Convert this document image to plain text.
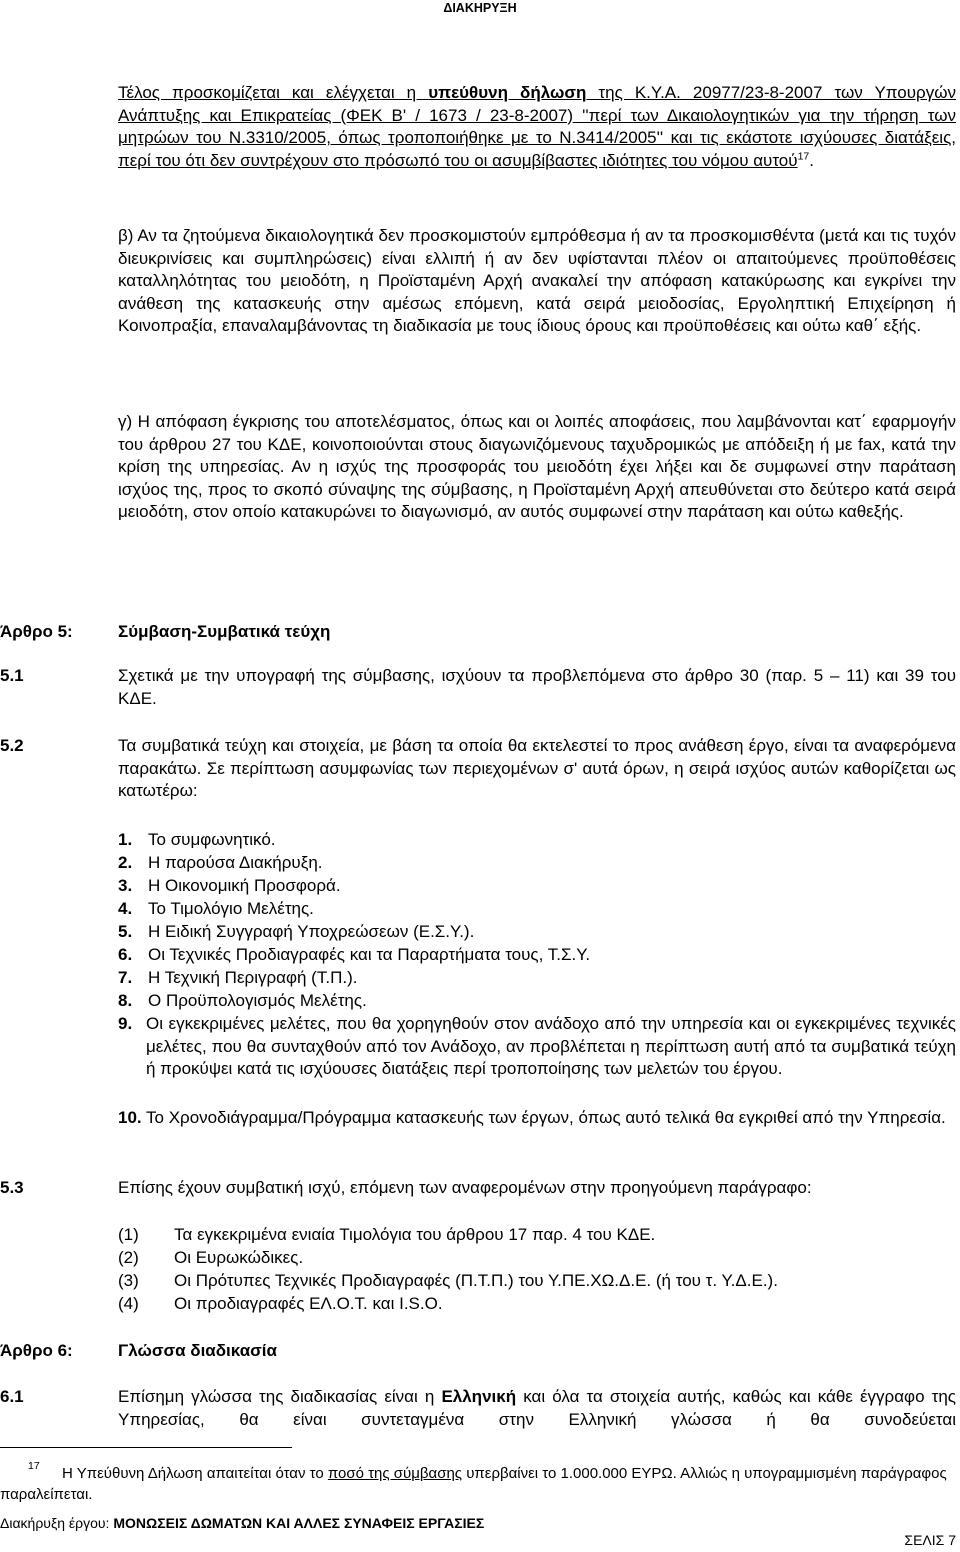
ΔΙΑΚΗΡΥΞΗ

Τέλος προσκομίζεται και ελέγχεται η υπεύθυνη δήλωση της Κ.Υ.Α. 20977/23-8-2007 των Υπουργών Ανάπτυξης και Επικρατείας (ΦΕΚ Β' / 1673 / 23-8-2007) ''περί των Δικαιολογητικών για την τήρηση των μητρώων του Ν.3310/2005, όπως τροποποιήθηκε με το Ν.3414/2005'' και τις εκάστοτε ισχύουσες διατάξεις, περί του ότι δεν συντρέχουν στο πρόσωπό του οι ασυμβίβαστες ιδιότητες του νόμου αυτού$^{17}$.

β) Αν τα ζητούμενα δικαιολογητικά δεν προσκομιστούν εμπρόθεσμα ή αν τα προσκομισθέντα (μετά και τις τυχόν διευκρινίσεις και συμπληρώσεις) είναι ελλιπή ή αν δεν υφίστανται πλέον οι απαιτούμενες προϋποθέσεις καταλληλότητας του μειοδότη, η Προϊσταμένη Αρχή ανακαλεί την απόφαση κατακύρωσης και εγκρίνει την ανάθεση της κατασκευής στην αμέσως επόμενη, κατά σειρά μειοδοσίας, Εργοληπτική Επιχείρηση ή Κοινοπραξία, επαναλαμβάνοντας τη διαδικασία με τους ίδιους όρους και προϋποθέσεις και ούτω καθ΄ εξής.

γ) Η απόφαση έγκρισης του αποτελέσματος, όπως και οι λοιπές αποφάσεις, που λαμβάνονται κατ΄ εφαρμογήν του άρθρου 27 του ΚΔΕ, κοινοποιούνται στους διαγωνιζόμενους ταχυδρομικώς με απόδειξη ή με fax, κατά την κρίση της υπηρεσίας. Αν η ισχύς της προσφοράς του μειοδότη έχει λήξει και δε συμφωνεί στην παράταση ισχύος της, προς το σκοπό σύναψης της σύμβασης, η Προϊσταμένη Αρχή απευθύνεται στο δεύτερο κατά σειρά μειοδότη, στον οποίο κατακυρώνει το διαγωνισμό, αν αυτός συμφωνεί στην παράταση και ούτω καθεξής.

Άρθρο 5:	Σύμβαση-Συμβατικά τεύχη
5.1	Σχετικά με την υπογραφή της σύμβασης, ισχύουν τα προβλεπόμενα στο άρθρο 30 (παρ. 5 – 11) και 39 του ΚΔΕ.

5.2	Τα συμβατικά τεύχη και στοιχεία, με βάση τα οποία θα εκτελεστεί το προς ανάθεση έργο, είναι τα αναφερόμενα παρακάτω. Σε περίπτωση ασυμφωνίας των περιεχομένων σ' αυτά όρων, η σειρά ισχύος αυτών καθορίζεται ως κατωτέρω:

1. Το συμφωνητικό.
2. Η παρούσα Διακήρυξη.
3. Η Οικονομική Προσφορά.
4. Το Τιμολόγιο Μελέτης.
5. Η Ειδική Συγγραφή Υποχρεώσεων (Ε.Σ.Υ.).
6. Οι Τεχνικές Προδιαγραφές και τα Παραρτήματα τους, Τ.Σ.Υ.
7. Η Τεχνική Περιγραφή (Τ.Π.).
8. Ο Προϋπολογισμός Μελέτης.
9. Οι εγκεκριμένες μελέτες, που θα χορηγηθούν στον ανάδοχο από την υπηρεσία και οι εγκεκριμένες τεχνικές μελέτες, που θα συνταχθούν από τον Ανάδοχο, αν προβλέπεται η περίπτωση αυτή από τα συμβατικά τεύχη ή προκύψει κατά τις ισχύουσες διατάξεις περί τροποποίησης των μελετών του έργου.
10. Το Χρονοδιάγραμμα/Πρόγραμμα κατασκευής των έργων, όπως αυτό τελικά θα εγκριθεί από την Υπηρεσία.
5.3	Επίσης έχουν συμβατική ισχύ, επόμενη των αναφερομένων στην προηγούμενη παράγραφο:

(1) Τα εγκεκριμένα ενιαία Τιμολόγια του άρθρου 17 παρ. 4 του ΚΔΕ.
(2) Οι Ευρωκώδικες.
(3) Οι Πρότυπες Τεχνικές Προδιαγραφές (Π.Τ.Π.) του Υ.ΠΕ.ΧΩ.Δ.Ε. (ή του τ. Υ.Δ.Ε.).
(4) Οι προδιαγραφές ΕΛ.Ο.Τ. και I.S.O.
Άρθρο 6:	Γλώσσα διαδικασία
6.1	Επίσημη γλώσσα της διαδικασίας είναι η Ελληνική και όλα τα στοιχεία αυτής, καθώς και κάθε έγγραφο της Υπηρεσίας, θα είναι συντεταγμένα στην Ελληνική γλώσσα ή θα συνοδεύεται

17	Η Υπεύθυνη Δήλωση απαιτείται όταν το ποσό της σύμβασης υπερβαίνει το 1.000.000 ΕΥΡΩ. Αλλιώς η υπογραμμισμένη παράγραφος παραλείπεται.
Διακήρυξη έργου: ΜΟΝΩΣΕΙΣ ΔΩΜΑΤΩΝ ΚΑΙ ΑΛΛΕΣ ΣΥΝΑΦΕΙΣ ΕΡΓΑΣΙΕΣ
ΣΕΛΙΣ 7
